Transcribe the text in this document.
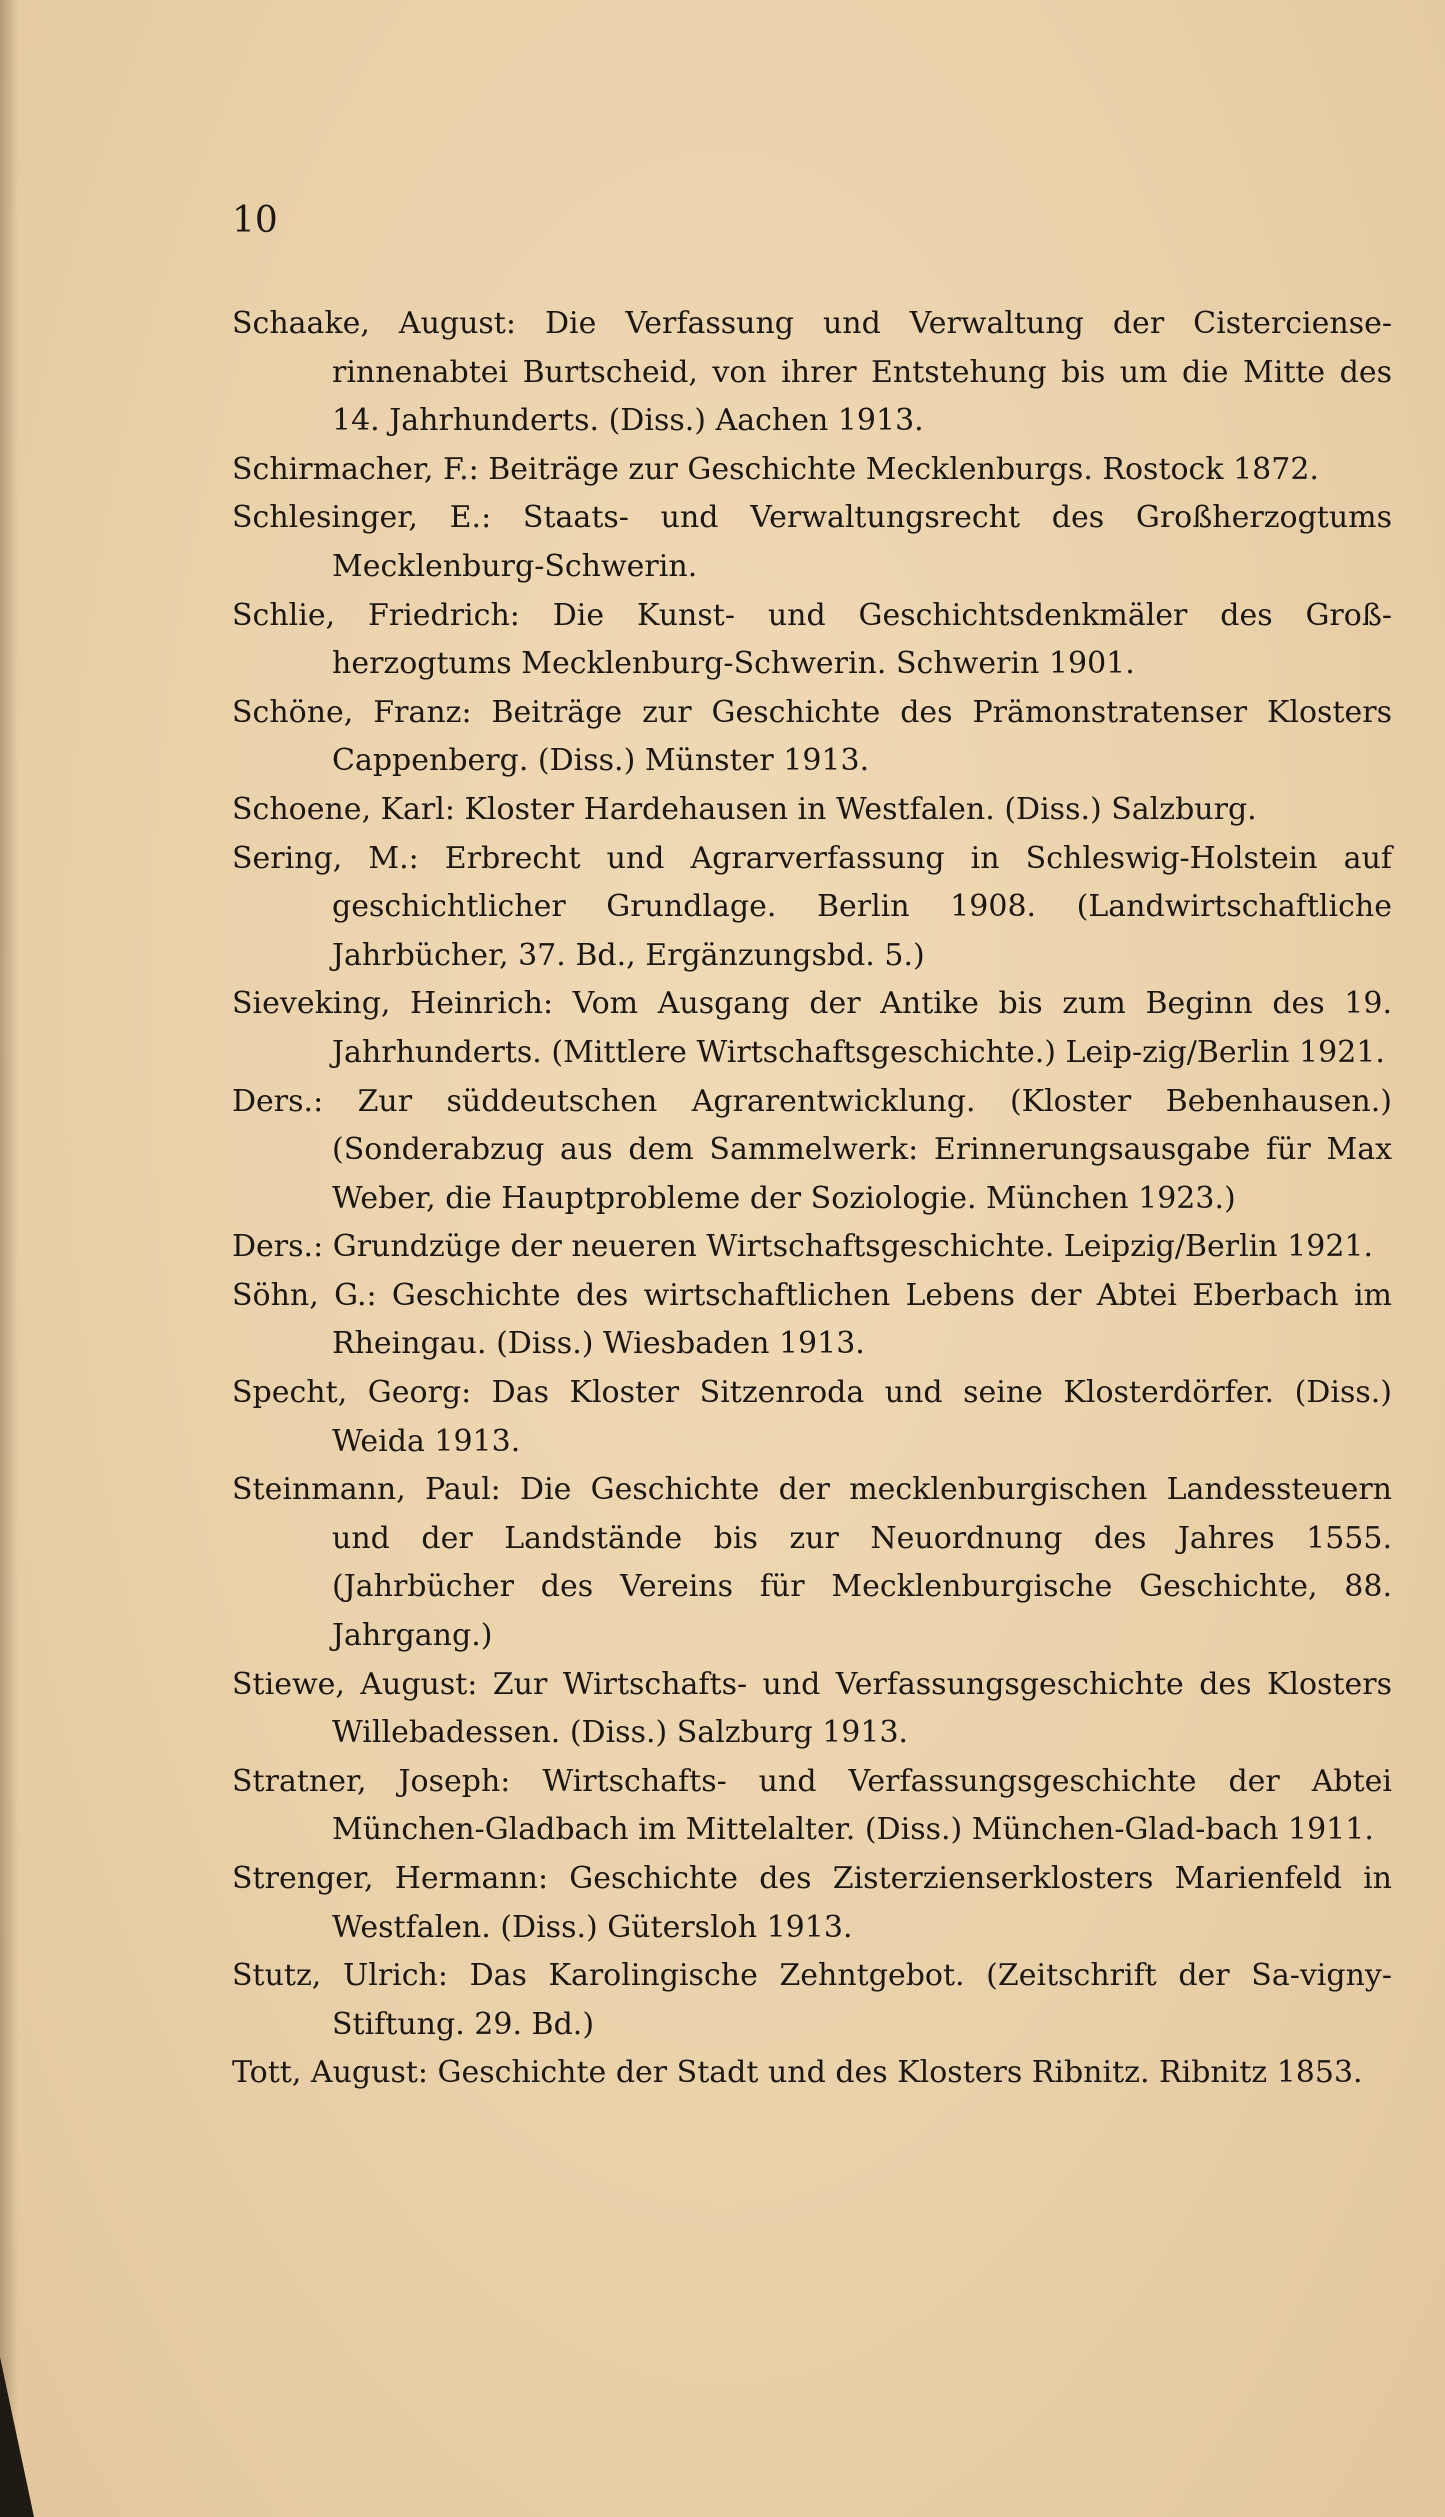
10

Schaake, August: Die Verfassung und Verwaltung der Cisterciense-rinnenabtei Burtscheid, von ihrer Entstehung bis um die Mitte des 14. Jahrhunderts. (Diss.) Aachen 1913.

Schirmacher, F.: Beiträge zur Geschichte Mecklenburgs. Rostock 1872.

Schlesinger, E.: Staats- und Verwaltungsrecht des Großherzogtums Mecklenburg-Schwerin.

Schlie, Friedrich: Die Kunst- und Geschichtsdenkmäler des Groß-herzogtums Mecklenburg-Schwerin. Schwerin 1901.

Schöne, Franz: Beiträge zur Geschichte des Prämonstratenser Klosters Cappenberg. (Diss.) Münster 1913.

Schoene, Karl: Kloster Hardehausen in Westfalen. (Diss.) Salzburg.

Sering, M.: Erbrecht und Agrarverfassung in Schleswig-Holstein auf geschichtlicher Grundlage. Berlin 1908. (Landwirtschaftliche Jahrbücher, 37. Bd., Ergänzungsbd. 5.)

Sieveking, Heinrich: Vom Ausgang der Antike bis zum Beginn des 19. Jahrhunderts. (Mittlere Wirtschaftsgeschichte.) Leip-zig/Berlin 1921.

Ders.: Zur süddeutschen Agrarentwicklung. (Kloster Bebenhausen.) (Sonderabzug aus dem Sammelwerk: Erinnerungsausgabe für Max Weber, die Hauptprobleme der Soziologie. München 1923.)

Ders.: Grundzüge der neueren Wirtschaftsgeschichte. Leipzig/Berlin 1921.

Söhn, G.: Geschichte des wirtschaftlichen Lebens der Abtei Eberbach im Rheingau. (Diss.) Wiesbaden 1913.

Specht, Georg: Das Kloster Sitzenroda und seine Klosterdörfer. (Diss.) Weida 1913.

Steinmann, Paul: Die Geschichte der mecklenburgischen Landessteuern und der Landstände bis zur Neuordnung des Jahres 1555. (Jahrbücher des Vereins für Mecklenburgische Geschichte, 88. Jahrgang.)

Stiewe, August: Zur Wirtschafts- und Verfassungsgeschichte des Klosters Willebadessen. (Diss.) Salzburg 1913.

Stratner, Joseph: Wirtschafts- und Verfassungsgeschichte der Abtei München-Gladbach im Mittelalter. (Diss.) München-Glad-bach 1911.

Strenger, Hermann: Geschichte des Zisterzienserklosters Marienfeld in Westfalen. (Diss.) Gütersloh 1913.

Stutz, Ulrich: Das Karolingische Zehntgebot. (Zeitschrift der Sa-vigny-Stiftung. 29. Bd.)

Tott, August: Geschichte der Stadt und des Klosters Ribnitz. Ribnitz 1853.
